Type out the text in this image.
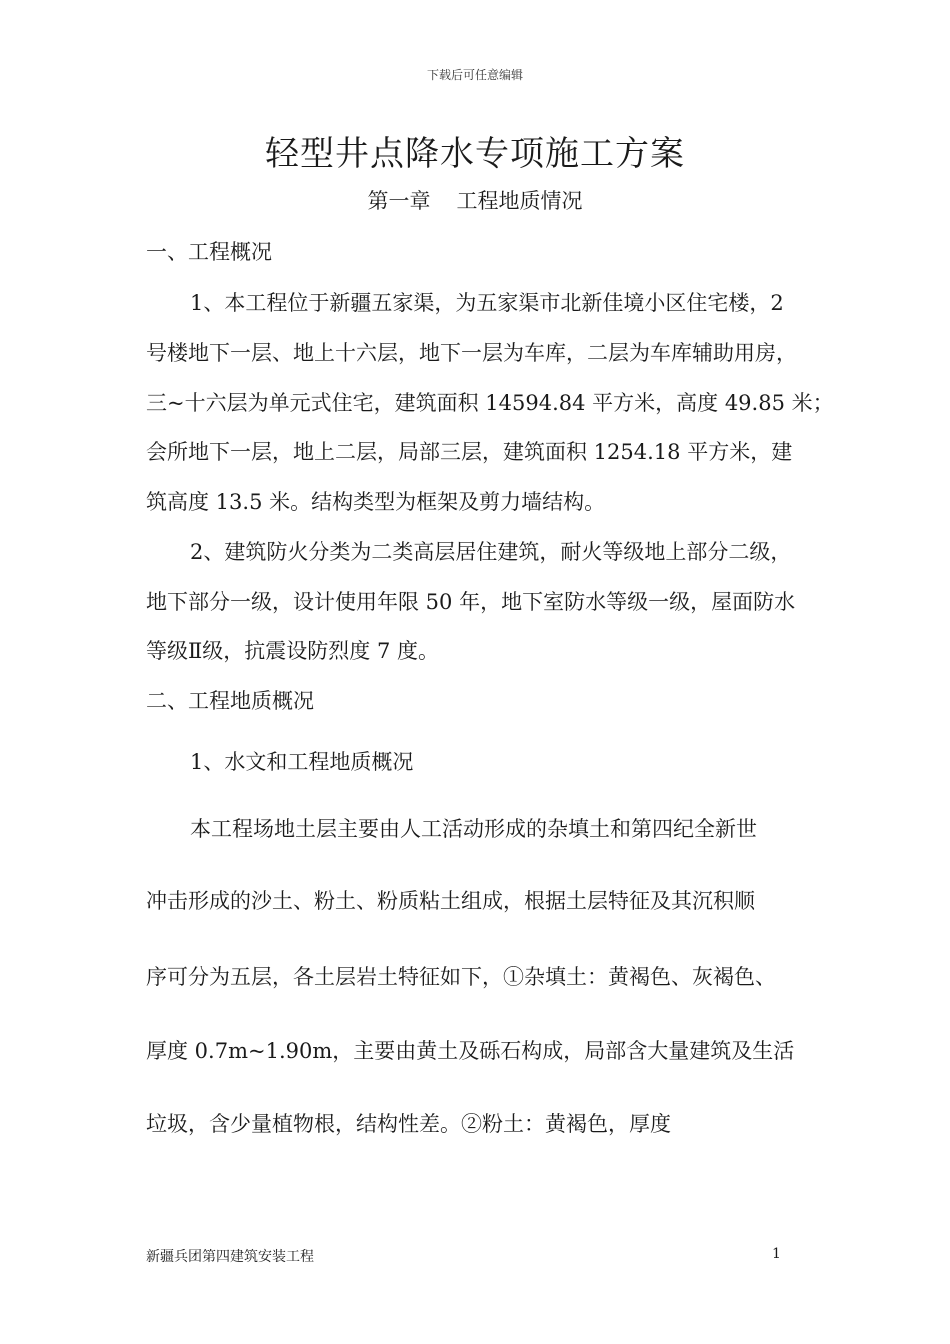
下载后可任意编辑
轻型井点降水专项施工方案
第一章 工程地质情况
一、工程概况
1、本工程位于新疆五家渠，为五家渠市北新佳境小区住宅楼，2
号楼地下一层、地上十六层，地下一层为车库，二层为车库辅助用房，
三~十六层为单元式住宅，建筑面积 14594.84 平方米，高度 49.85 米；
会所地下一层，地上二层，局部三层，建筑面积 1254.18 平方米，建
筑高度 13.5 米。结构类型为框架及剪力墙结构。
2、建筑防火分类为二类高层居住建筑，耐火等级地上部分二级，
地下部分一级，设计使用年限 50 年，地下室防水等级一级，屋面防水
等级Ⅱ级，抗震设防烈度 7 度。
二、工程地质概况
1、水文和工程地质概况
本工程场地土层主要由人工活动形成的杂填土和第四纪全新世
冲击形成的沙土、粉土、粉质粘土组成，根据土层特征及其沉积顺
序可分为五层，各土层岩土特征如下，①杂填土：黄褐色、灰褐色、
厚度 0.7m~1.90m，主要由黄土及砾石构成，局部含大量建筑及生活
垃圾，含少量植物根，结构性差。②粉土：黄褐色，厚度
新疆兵团第四建筑安装工程	1
